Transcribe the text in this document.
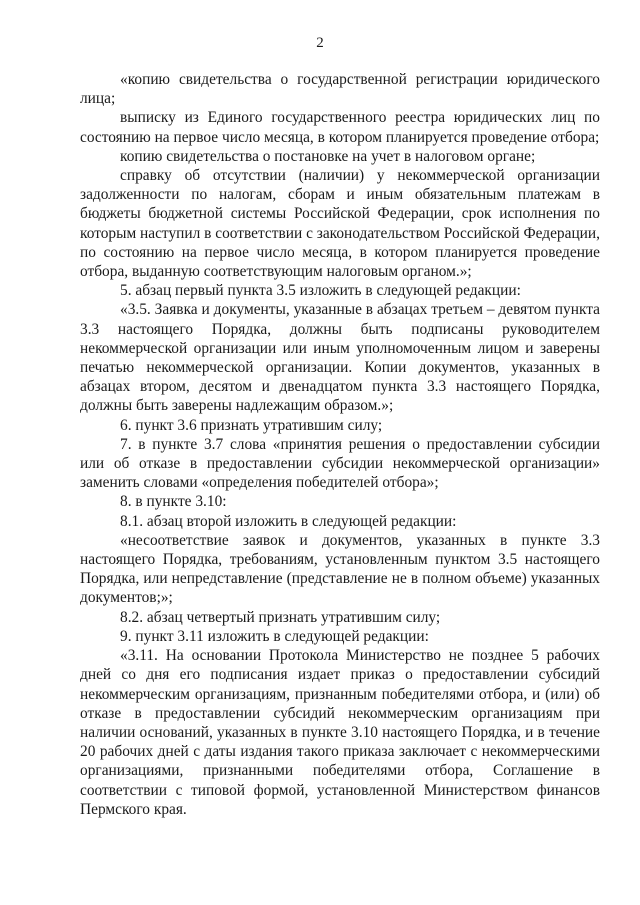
2

«копию свидетельства о государственной регистрации юридического лица;

выписку из Единого государственного реестра юридических лиц по состоянию на первое число месяца, в котором планируется проведение отбора;

копию свидетельства о постановке на учет в налоговом органе;

справку об отсутствии (наличии) у некоммерческой организации задолженности по налогам, сборам и иным обязательным платежам в бюджеты бюджетной системы Российской Федерации, срок исполнения по которым наступил в соответствии с законодательством Российской Федерации, по состоянию на первое число месяца, в котором планируется проведение отбора, выданную соответствующим налоговым органом.»;

5. абзац первый пункта 3.5 изложить в следующей редакции:

«3.5. Заявка и документы, указанные в абзацах третьем – девятом пункта 3.3 настоящего Порядка, должны быть подписаны руководителем некоммерческой организации или иным уполномоченным лицом и заверены печатью некоммерческой организации. Копии документов, указанных в абзацах втором, десятом и двенадцатом пункта 3.3 настоящего Порядка, должны быть заверены надлежащим образом.»;

6. пункт 3.6 признать утратившим силу;

7. в пункте 3.7 слова «принятия решения о предоставлении субсидии или об отказе в предоставлении субсидии некоммерческой организации» заменить словами «определения победителей отбора»;

8. в пункте 3.10:

8.1. абзац второй изложить в следующей редакции:

«несоответствие заявок и документов, указанных в пункте 3.3 настоящего Порядка, требованиям, установленным пунктом 3.5 настоящего Порядка, или непредставление (представление не в полном объеме) указанных документов;»;

8.2. абзац четвертый признать утратившим силу;

9. пункт 3.11 изложить в следующей редакции:

«3.11. На основании Протокола Министерство не позднее 5 рабочих дней со дня его подписания издает приказ о предоставлении субсидий некоммерческим организациям, признанным победителями отбора, и (или) об отказе в предоставлении субсидий некоммерческим организациям при наличии оснований, указанных в пункте 3.10 настоящего Порядка, и в течение 20 рабочих дней с даты издания такого приказа заключает с некоммерческими организациями, признанными победителями отбора, Соглашение в соответствии с типовой формой, установленной Министерством финансов Пермского края.
